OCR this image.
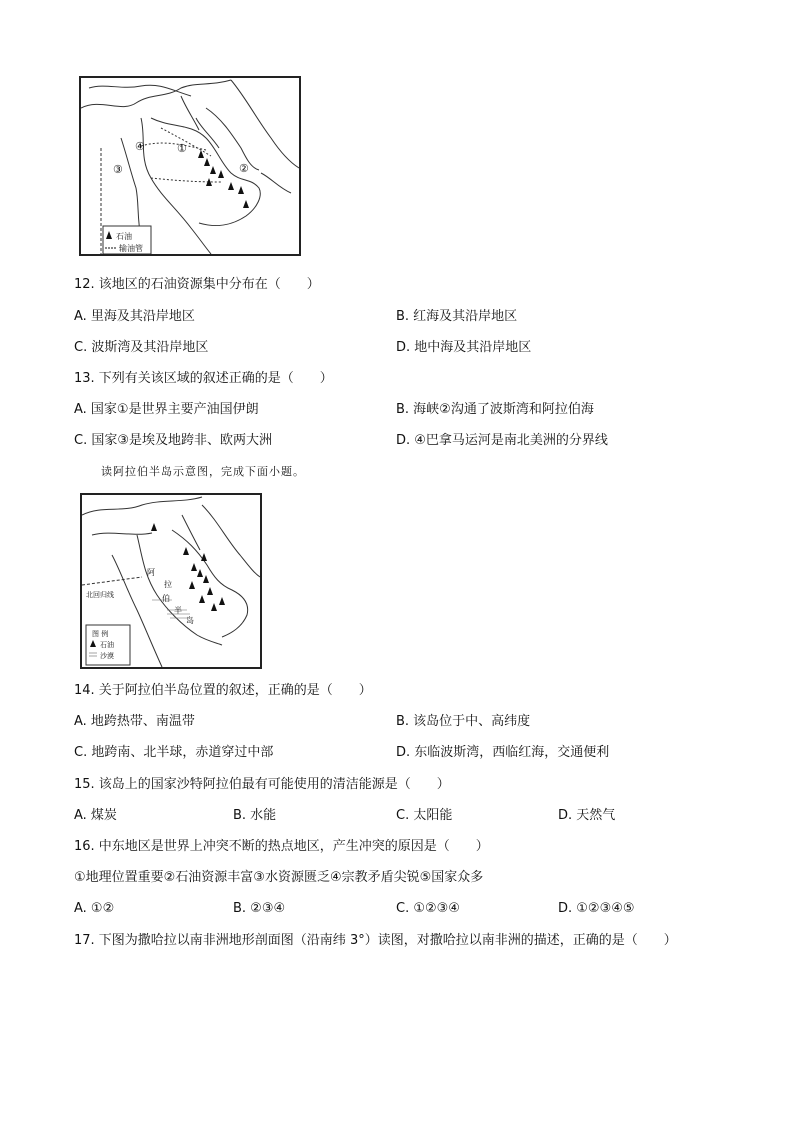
③
④	①
②
石油
输油管
12. 该地区的石油资源集中分布在（　　）
A. 里海及其沿岸地区	B. 红海及其沿岸地区
C. 波斯湾及其沿岸地区	D. 地中海及其沿岸地区
13. 下列有关该区域的叙述正确的是（　　）
A. 国家①是世界主要产油国伊朗	B. 海峡②沟通了波斯湾和阿拉伯海
C. 国家③是埃及地跨非、欧两大洲	D. ④巴拿马运河是南北美洲的分界线
读阿拉伯半岛示意图，完成下面小题。
阿
拉
伯
半
岛
北回归线
图 例
石油
沙漠
14. 关于阿拉伯半岛位置的叙述，正确的是（　　）
A. 地跨热带、南温带	B. 该岛位于中、高纬度
C. 地跨南、北半球，赤道穿过中部	D. 东临波斯湾，西临红海，交通便利
15. 该岛上的国家沙特阿拉伯最有可能使用的清洁能源是（　　）
A. 煤炭	B. 水能	C. 太阳能	D. 天然气
16. 中东地区是世界上冲突不断的热点地区，产生冲突的原因是（　　）
①地理位置重要②石油资源丰富③水资源匮乏④宗教矛盾尖锐⑤国家众多
A. ①②	B. ②③④	C. ①②③④	D. ①②③④⑤
17. 下图为撒哈拉以南非洲地形剖面图（沿南纬 3°）读图，对撒哈拉以南非洲的描述，正确的是（　　）
